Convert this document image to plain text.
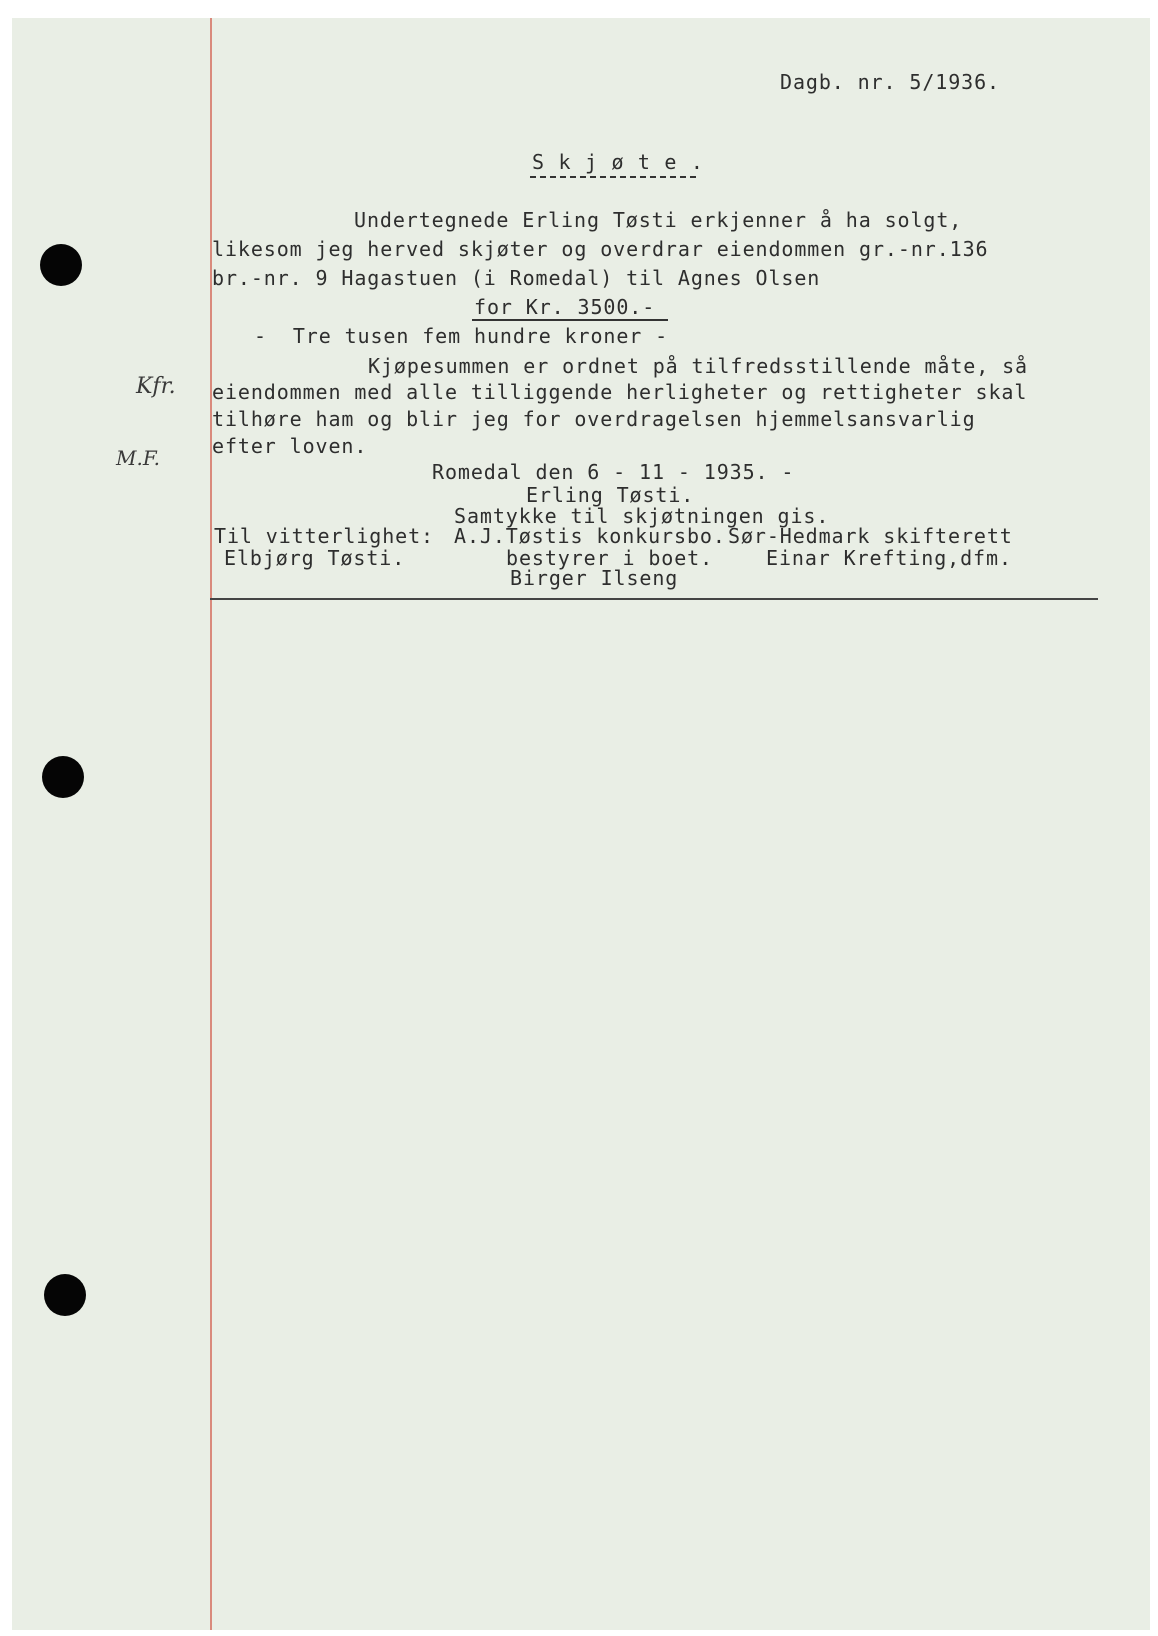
Kfr.
M.F.
Dagb. nr. 5/1936.
S k j ø t e .
Undertegnede Erling Tøsti erkjenner å ha solgt,
likesom jeg herved skjøter og overdrar eiendommen gr.-nr.136
br.-nr. 9 Hagastuen (i Romedal) til Agnes Olsen
for Kr. 3500.-
-  Tre tusen fem hundre kroner -
Kjøpesummen er ordnet på tilfredsstillende måte, så
eiendommen med alle tilliggende herligheter og rettigheter skal
tilhøre ham og blir jeg for overdragelsen hjemmelsansvarlig
efter loven.
Romedal den 6 - 11 - 1935. -
Erling Tøsti.
Samtykke til skjøtningen gis.
Til vitterlighet: A.J.Tøstis konkursbo. Sør-Hedmark skifterett
Elbjørg Tøsti.	bestyrer i boet.	Einar Krefting,dfm.
Birger Ilseng
